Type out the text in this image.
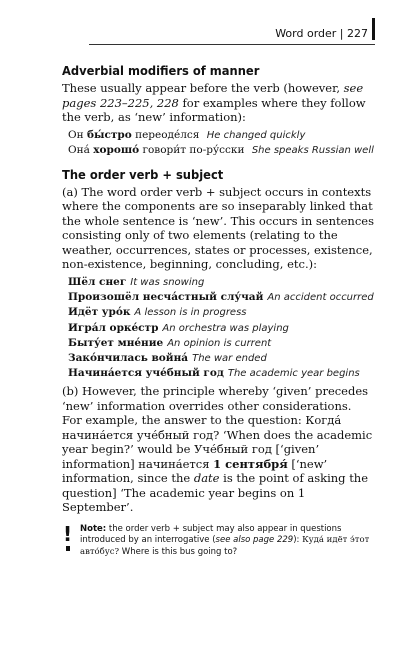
Word order | 227
Adverbial modifiers of manner

These usually appear before the verb (however, see pages 223–225, 228 for examples where they follow the verb, as ‘new’ information):

Он бы́стро переоде́лся He changed quickly
Она́ хорошо́ говори́т по-ру́сски She speaks Russian well
The order verb + subject

(a) The word order verb + subject occurs in contexts where the components are so inseparably linked that the whole sentence is ‘new’. This occurs in sentences consisting only of two elements (relating to the weather, occurrences, states or processes, existence, non-existence, beginning, concluding, etc.):

Шёл снег It was snowing
Произошёл несча́стный слу́чай An accident occurred
Идёт уро́к A lesson is in progress
Игра́л орке́стр An orchestra was playing
Быту́ет мне́ние An opinion is current
Зако́нчилась война́ The war ended
Начина́ется уче́бный год The academic year begins

(b) However, the principle whereby ‘given’ precedes ‘new’ information overrides other considerations. For example, the answer to the question: Когда́ начина́ется уче́бный год? ‘When does the academic year begin?’ would be Уче́бный год [‘given’ information] начина́ется 1 сентября́ [‘new’ information, since the date is the point of asking the question] ‘The academic year begins on 1 September’.

! Note: the order verb + subject may also appear in questions introduced by an interrogative (see also page 229): Куда́ идёт э́тот авто́бус? Where is this bus going to?
